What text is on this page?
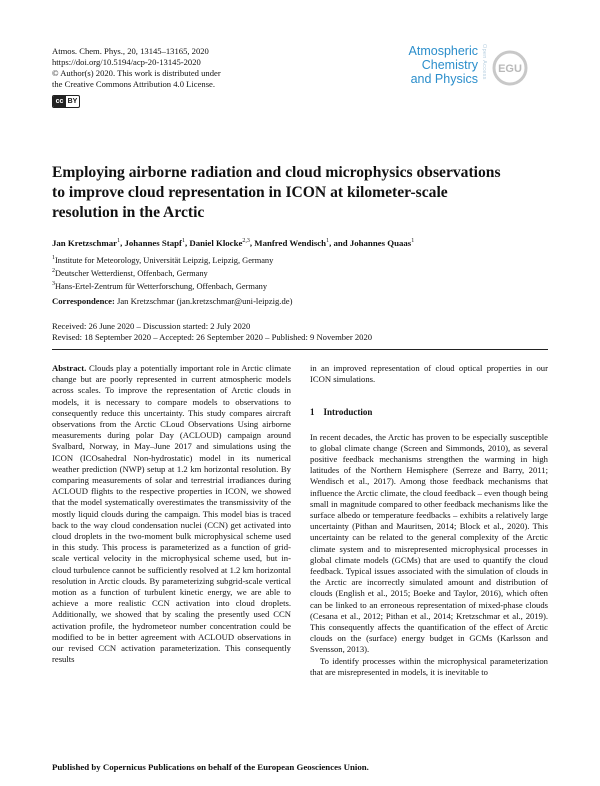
Atmos. Chem. Phys., 20, 13145–13165, 2020
https://doi.org/10.5194/acp-20-13145-2020
© Author(s) 2020. This work is distributed under
the Creative Commons Attribution 4.0 License.
cc BY
Atmospheric
Chemistry
and Physics Open Access EGU
Employing airborne radiation and cloud microphysics observations
to improve cloud representation in ICON at kilometer-scale
resolution in the Arctic
Jan Kretzschmar$^1$, Johannes Stapf$^1$, Daniel Klocke$^{2,3}$, Manfred Wendisch$^1$, and Johannes Quaas$^1$
$^1$Institute for Meteorology, Universität Leipzig, Leipzig, Germany
$^2$Deutscher Wetterdienst, Offenbach, Germany
$^3$Hans-Ertel-Zentrum für Wetterforschung, Offenbach, Germany
Correspondence: Jan Kretzschmar (jan.kretzschmar@uni-leipzig.de)
Received: 26 June 2020 – Discussion started: 2 July 2020
Revised: 18 September 2020 – Accepted: 26 September 2020 – Published: 9 November 2020

Abstract. Clouds play a potentially important role in Arctic climate change but are poorly represented in current atmospheric models across scales. To improve the representation of Arctic clouds in models, it is necessary to compare models to observations to consequently reduce this uncertainty. This study compares aircraft observations from the Arctic CLoud Observations Using airborne measurements during polar Day (ACLOUD) campaign around Svalbard, Norway, in May–June 2017 and simulations using the ICON (ICOsahedral Non-hydrostatic) model in its numerical weather prediction (NWP) setup at 1.2 km horizontal resolution. By comparing measurements of solar and terrestrial irradiances during ACLOUD flights to the respective properties in ICON, we showed that the model systematically overestimates the transmissivity of the mostly liquid clouds during the campaign. This model bias is traced back to the way cloud condensation nuclei (CCN) get activated into cloud droplets in the two-moment bulk microphysical scheme used in this study. This process is parameterized as a function of grid-scale vertical velocity in the microphysical scheme used, but in-cloud turbulence cannot be sufficiently resolved at 1.2 km horizontal resolution in Arctic clouds. By parameterizing subgrid-scale vertical motion as a function of turbulent kinetic energy, we are able to achieve a more realistic CCN activation into cloud droplets. Additionally, we showed that by scaling the presently used CCN activation profile, the hydrometeor number concentration could be modified to be in better agreement with ACLOUD observations in our revised CCN activation parameterization. This consequently results

in an improved representation of cloud optical properties in our ICON simulations.

1 Introduction

In recent decades, the Arctic has proven to be especially susceptible to global climate change (Screen and Simmonds, 2010), as several positive feedback mechanisms strengthen the warming in high latitudes of the Northern Hemisphere (Serreze and Barry, 2011; Wendisch et al., 2017). Among those feedback mechanisms that influence the Arctic climate, the cloud feedback – even though being small in magnitude compared to other feedback mechanisms like the surface albedo or temperature feedbacks – exhibits a relatively large uncertainty (Pithan and Mauritsen, 2014; Block et al., 2020). This uncertainty can be related to the general complexity of the Arctic climate system and to misrepresented microphysical processes in global climate models (GCMs) that are used to quantify the cloud feedback. Typical issues associated with the simulation of clouds in the Arctic are incorrectly simulated amount and distribution of clouds (English et al., 2015; Boeke and Taylor, 2016), which often can be linked to an erroneous representation of mixed-phase clouds (Cesana et al., 2012; Pithan et al., 2014; Kretzschmar et al., 2019). This consequently affects the quantification of the effect of Arctic clouds on the (surface) energy budget in GCMs (Karlsson and Svensson, 2013).

To identify processes within the microphysical parameterization that are misrepresented in models, it is inevitable to

Published by Copernicus Publications on behalf of the European Geosciences Union.
